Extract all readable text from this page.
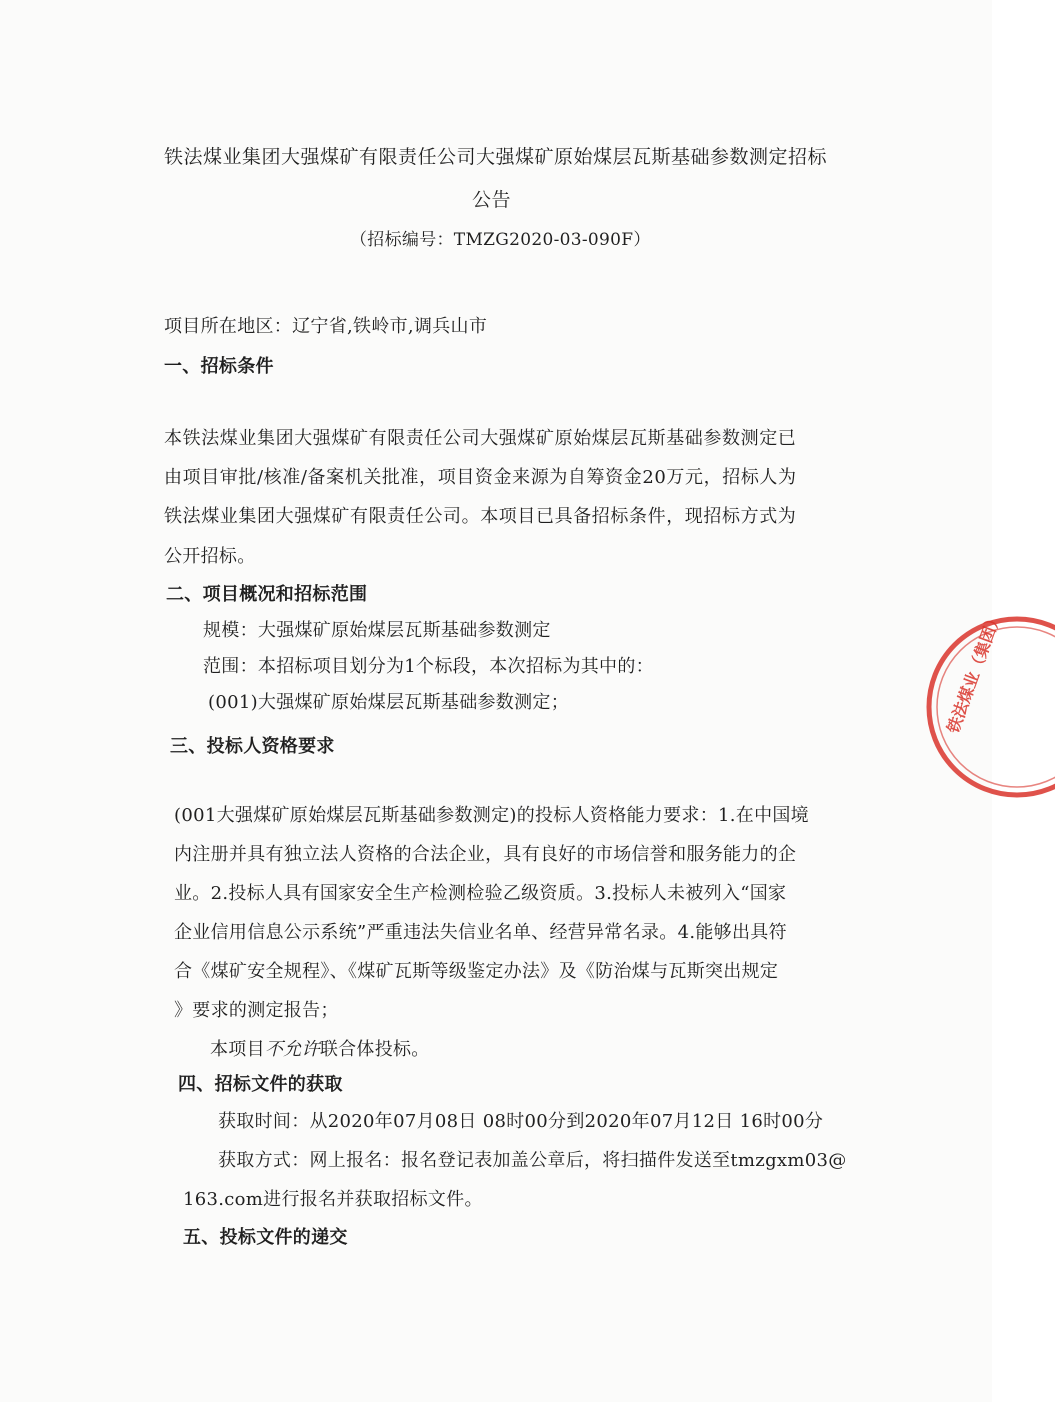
铁法煤业集团大强煤矿有限责任公司大强煤矿原始煤层瓦斯基础参数测定招标
公告
（招标编号：TMZG2020-03-090F）
项目所在地区：辽宁省,铁岭市,调兵山市
一、招标条件
本铁法煤业集团大强煤矿有限责任公司大强煤矿原始煤层瓦斯基础参数测定已
由项目审批/核准/备案机关批准，项目资金来源为自筹资金20万元，招标人为
铁法煤业集团大强煤矿有限责任公司。本项目已具备招标条件，现招标方式为
公开招标。
二、项目概况和招标范围
规模：大强煤矿原始煤层瓦斯基础参数测定
范围：本招标项目划分为1个标段，本次招标为其中的：
(001)大强煤矿原始煤层瓦斯基础参数测定；
三、投标人资格要求
(001大强煤矿原始煤层瓦斯基础参数测定)的投标人资格能力要求：1.在中国境
内注册并具有独立法人资格的合法企业，具有良好的市场信誉和服务能力的企
业。2.投标人具有国家安全生产检测检验乙级资质。3.投标人未被列入“国家
企业信用信息公示系统”严重违法失信业名单、经营异常名录。4.能够出具符
合《煤矿安全规程》、《煤矿瓦斯等级鉴定办法》及《防治煤与瓦斯突出规定
》要求的测定报告；
本项目不允许联合体投标。
四、招标文件的获取
获取时间：从2020年07月08日 08时00分到2020年07月12日 16时00分
获取方式：网上报名：报名登记表加盖公章后，将扫描件发送至tmzgxm03@
163.com进行报名并获取招标文件。
五、投标文件的递交
铁法煤业（集团）
